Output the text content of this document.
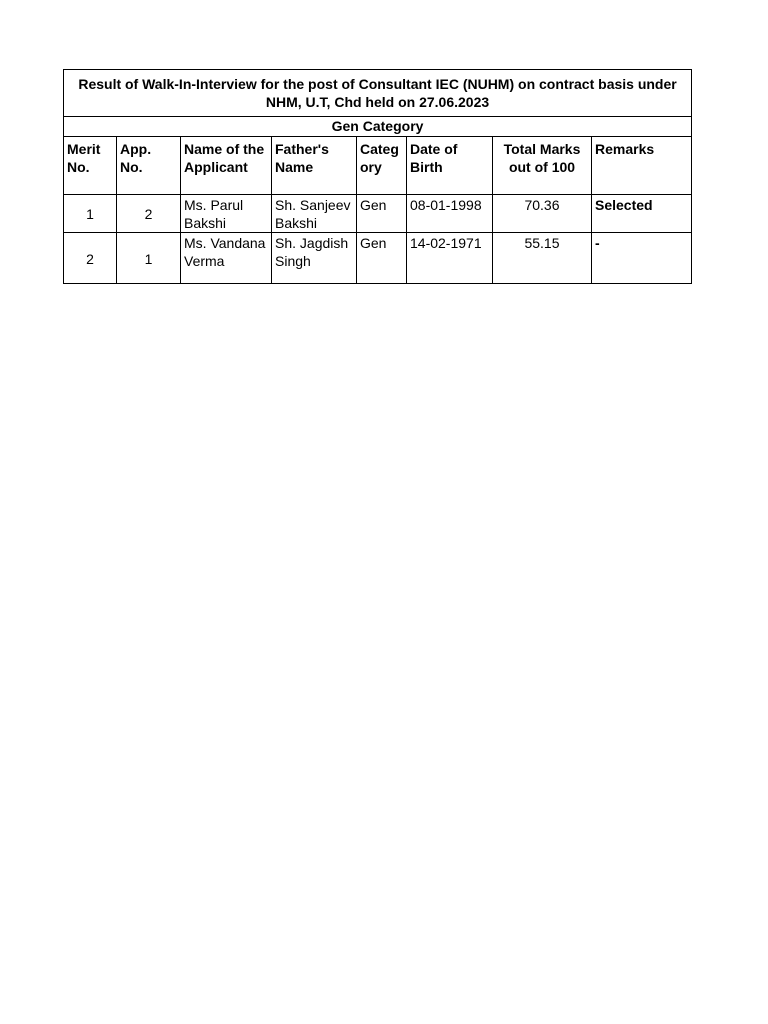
Result of Walk-In-Interview for the post of Consultant IEC (NUHM) on contract basis under NHM, U.T, Chd held on 27.06.2023							
Gen Category							
Merit No.	App. No.	Name of the Applicant	Father's Name	Categ ory	Date of Birth	Total Marks out of 100	Remarks
1	2	Ms. Parul Bakshi	Sh. Sanjeev Bakshi	Gen	08-01-1998	70.36	Selected
2	1	Ms. Vandana Verma	Sh. Jagdish Singh	Gen	14-02-1971	55.15	-
